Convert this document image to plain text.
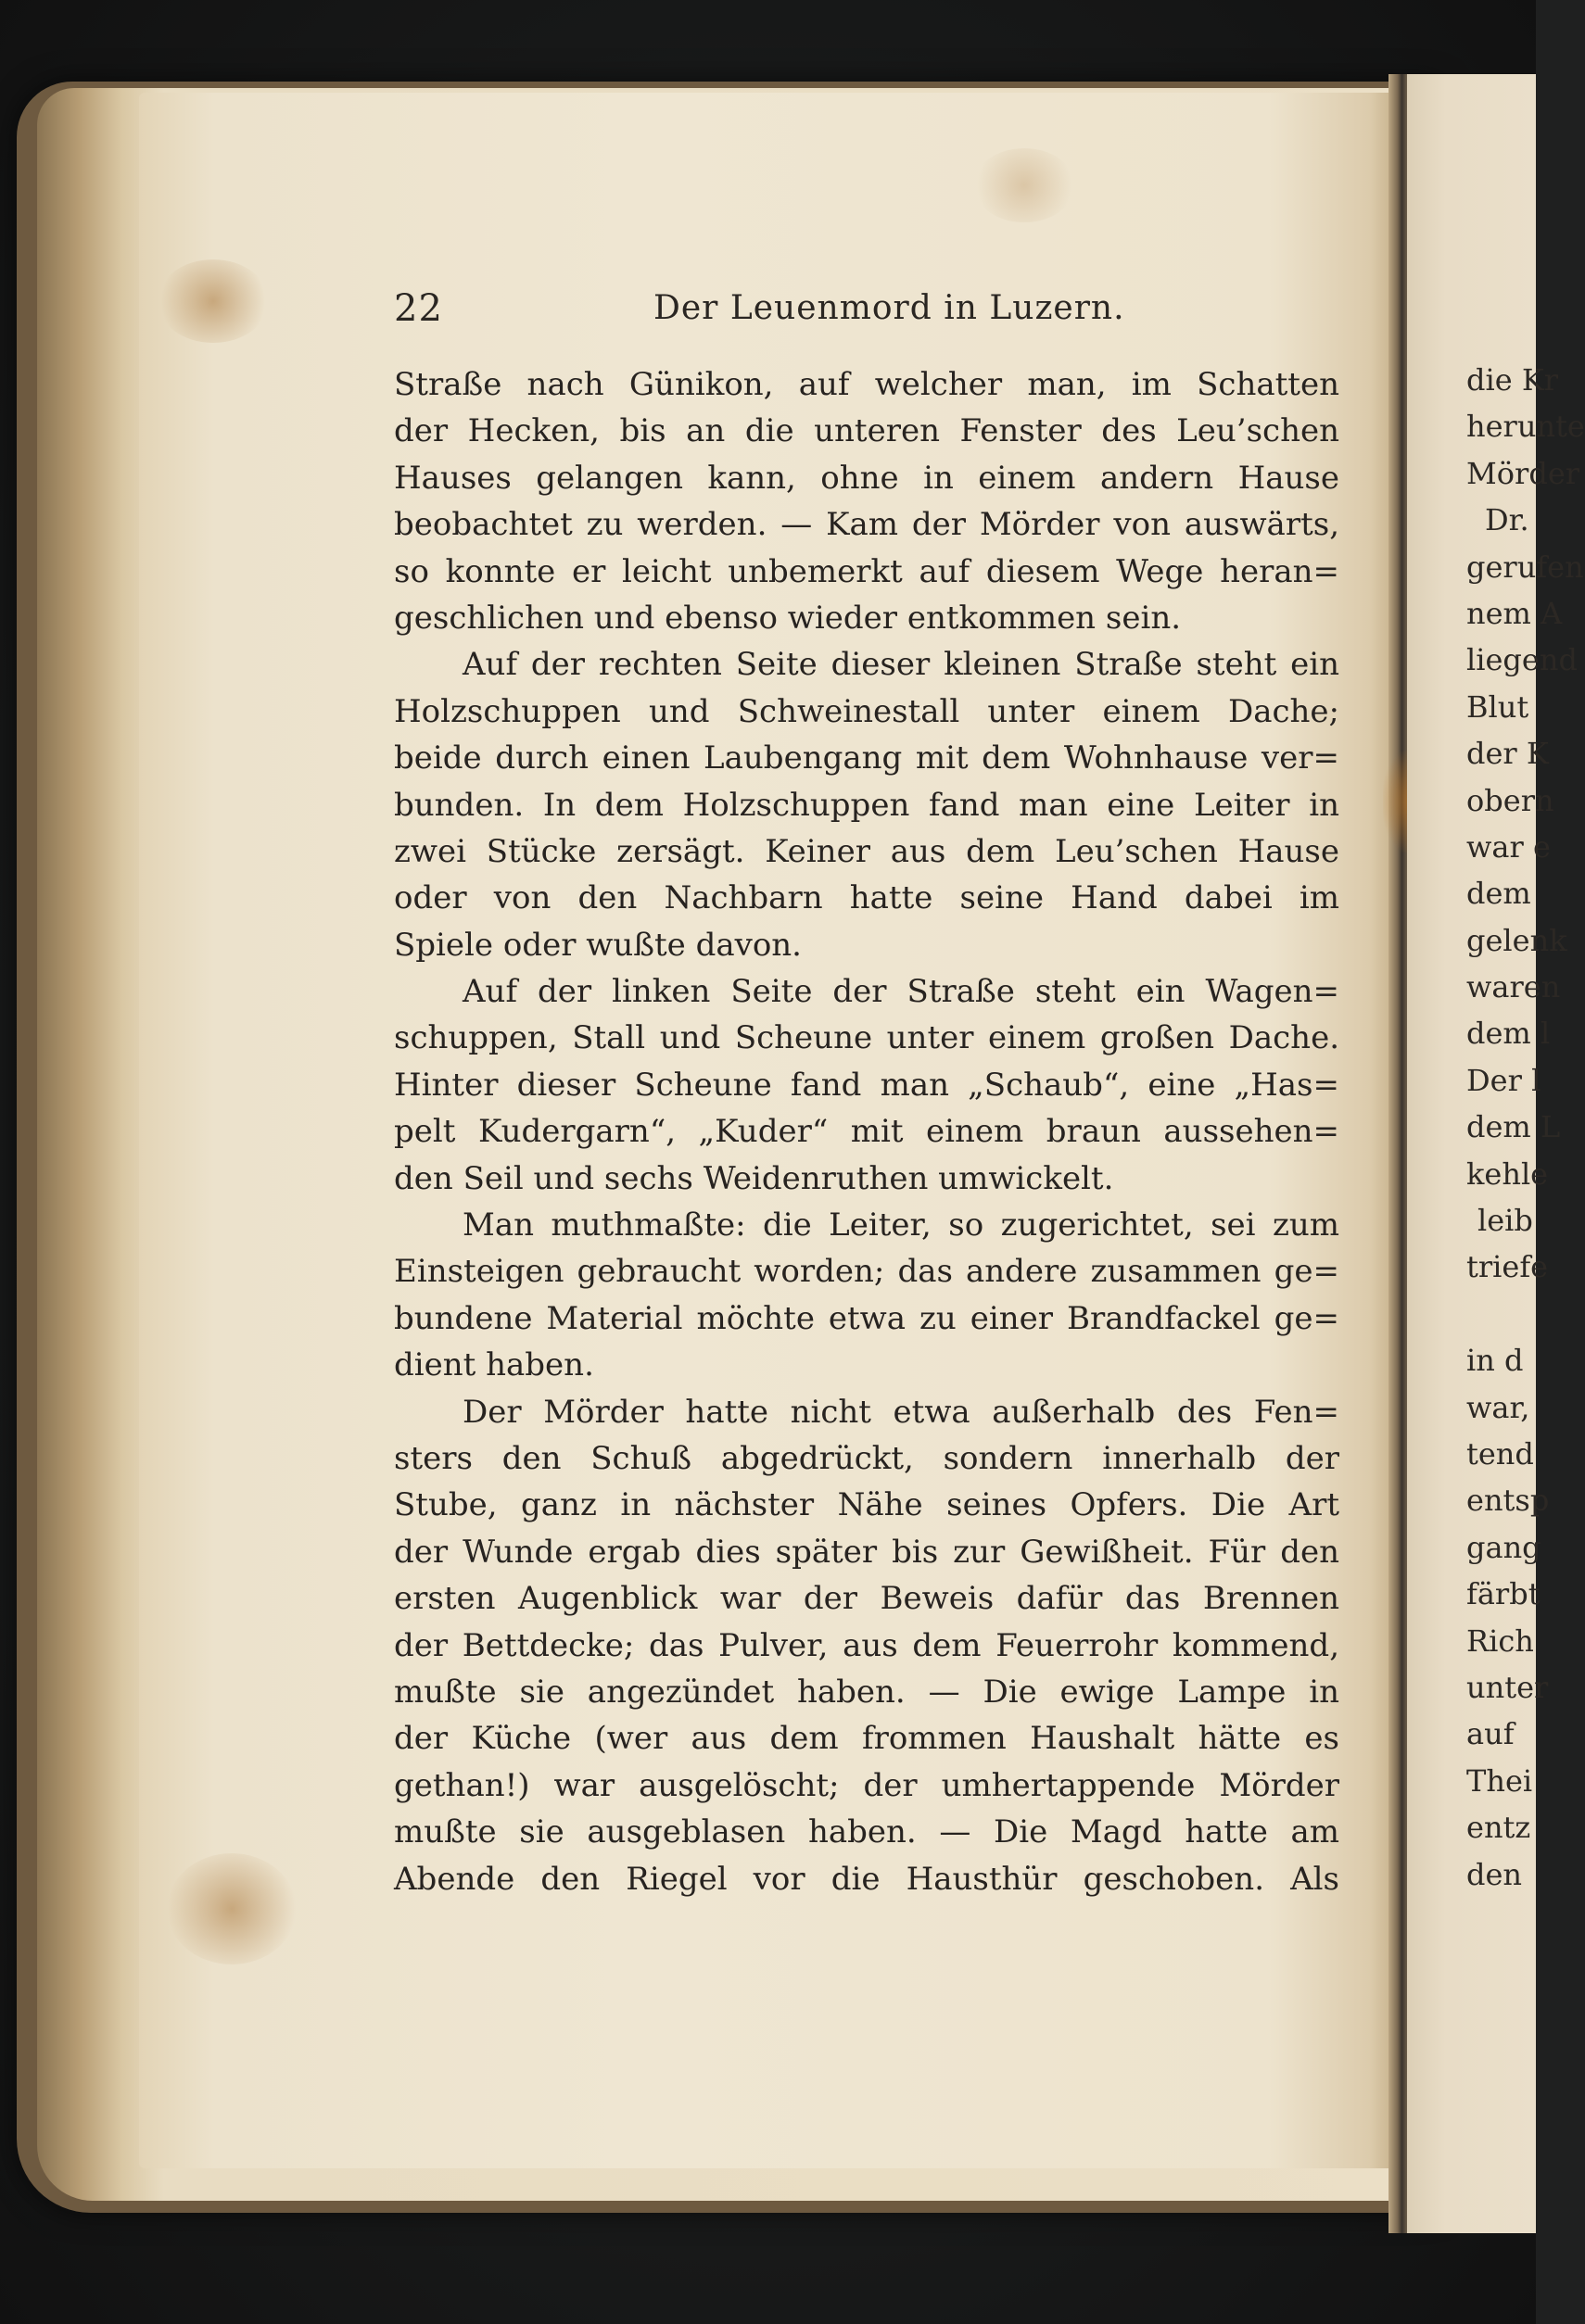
22	Der Leuenmord in Luzern.
Straße nach Günikon, auf welcher man, im Schatten
der Hecken, bis an die unteren Fenster des Leu’schen
Hauses gelangen kann, ohne in einem andern Hause
beobachtet zu werden. — Kam der Mörder von auswärts,
so konnte er leicht unbemerkt auf diesem Wege heran=
geschlichen und ebenso wieder entkommen sein.
Auf der rechten Seite dieser kleinen Straße steht ein
Holzschuppen und Schweinestall unter einem Dache;
beide durch einen Laubengang mit dem Wohnhause ver=
bunden. In dem Holzschuppen fand man eine Leiter in
zwei Stücke zersägt. Keiner aus dem Leu’schen Hause
oder von den Nachbarn hatte seine Hand dabei im
Spiele oder wußte davon.
Auf der linken Seite der Straße steht ein Wagen=
schuppen, Stall und Scheune unter einem großen Dache.
Hinter dieser Scheune fand man „Schaub“, eine „Has=
pelt Kudergarn“, „Kuder“ mit einem braun aussehen=
den Seil und sechs Weidenruthen umwickelt.
Man muthmaßte: die Leiter, so zugerichtet, sei zum
Einsteigen gebraucht worden; das andere zusammen ge=
bundene Material möchte etwa zu einer Brandfackel ge=
dient haben.
Der Mörder hatte nicht etwa außerhalb des Fen=
sters den Schuß abgedrückt, sondern innerhalb der
Stube, ganz in nächster Nähe seines Opfers. Die Art
der Wunde ergab dies später bis zur Gewißheit. Für den
ersten Augenblick war der Beweis dafür das Brennen
der Bettdecke; das Pulver, aus dem Feuerrohr kommend,
mußte sie angezündet haben. — Die ewige Lampe in
der Küche (wer aus dem frommen Haushalt hätte es
gethan!) war ausgelöscht; der umhertappende Mörder
mußte sie ausgeblasen haben. — Die Magd hatte am
Abende den Riegel vor die Hausthür geschoben. Als
die Kr
herunte
Mörder
Dr.
gerufen
nem A
liegend
Blut
der K
obern
war e
dem
gelenk
waren
dem l
Der l
dem L
kehle
leib
triefe
in d
war,
tend
entsp
gang
färbt
Rich
unter
auf
Thei
entz
den
